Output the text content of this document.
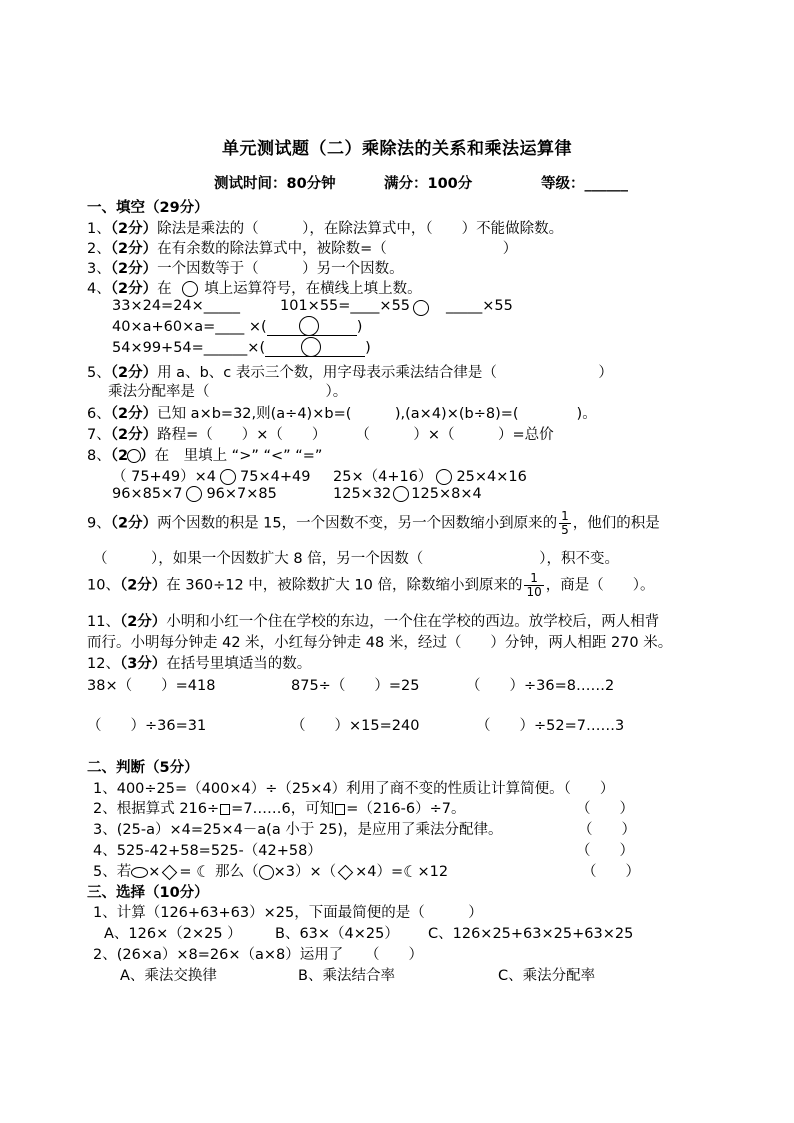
单元测试题（二）乘除法的关系和乘法运算律
测试时间：80分钟	满分：100分	等级：______
一、填空（29分）
1、（2分）除法是乘法的（　　　），在除法算式中，（　　）不能做除数。
2、（2分）在有余数的除法算式中，被除数=（　　　　　　　　）
3、（2分）一个因数等于（　　　）另一个因数。
4、（2分）在 填上运算符号，在横线上填上数。
33×24=24×_____	101×55=____×55 _____×55
40×a+60×a=____ ×(	)
54×99+54=______×(	)
5、（2分）用 a、b、c 表示三个数，用字母表示乘法结合律是（　　　　　　　）
乘法分配率是（　　　　　　　　）。
6、（2分）已知 a×b=32,则(a÷4)×b=(　　　),(a×4)×(b÷8)=(　　　　)。
7、（2分）路程=（　　）×（　　）　　　（　　　）×（　　　）=总价
8、（2 ）在　里填上 “>” “<” “=”
（ 75+49）×4 75×4+49 25×（4+16） 25×4×16
96×85×7 96×7×85	125×32 125×8×4
9、（2分）两个因数的积是 15，一个因数不变，另一个因数缩小到原来的 $\frac{1}{5}$ ，他们的积是
（　　　），如果一个因数扩大 8 倍，另一个因数（　　　　　　　　），积不变。
10、（2分）在 360÷12 中，被除数扩大 10 倍，除数缩小到原来的 $\frac{1}{10}$ ，商是（　　）。
11、（2分）小明和小红一个住在学校的东边，一个住在学校的西边。放学校后，两人相背
而行。小明每分钟走 42 米，小红每分钟走 48 米，经过（　　）分钟，两人相距 270 米。
12、（3分）在括号里填适当的数。
38×（　　）=418	875÷（　　）=25	（　　）÷36=8……2
（　　）÷36=31	（　　）×15=240	（　　）÷52=7……3
二、判断（5分）
1、400÷25=（400×4）÷（25×4）利用了商不变的性质让计算简便。（　　）
2、根据算式 216÷ =7……6，可知 =（216-6）÷7。	（　　）
3、(25-a）×4=25×4－a(a 小于 25)，是应用了乘法分配律。	（　　）
4、525-42+58=525-（42+58）	（　　）
5、若 × = ☾ 那么（ ×3）×（ ×4）=☾×12	（　　）
三、选择（10分）
1、计算（126+63+63）×25，下面最简便的是（　　　）
A、126×（2×25 ） B、63×（4×25） C、126×25+63×25+63×25
2、(26×a）×8=26×（a×8）运用了　　（　　）
A、乘法交换律	B、乘法结合率	C、乘法分配率
